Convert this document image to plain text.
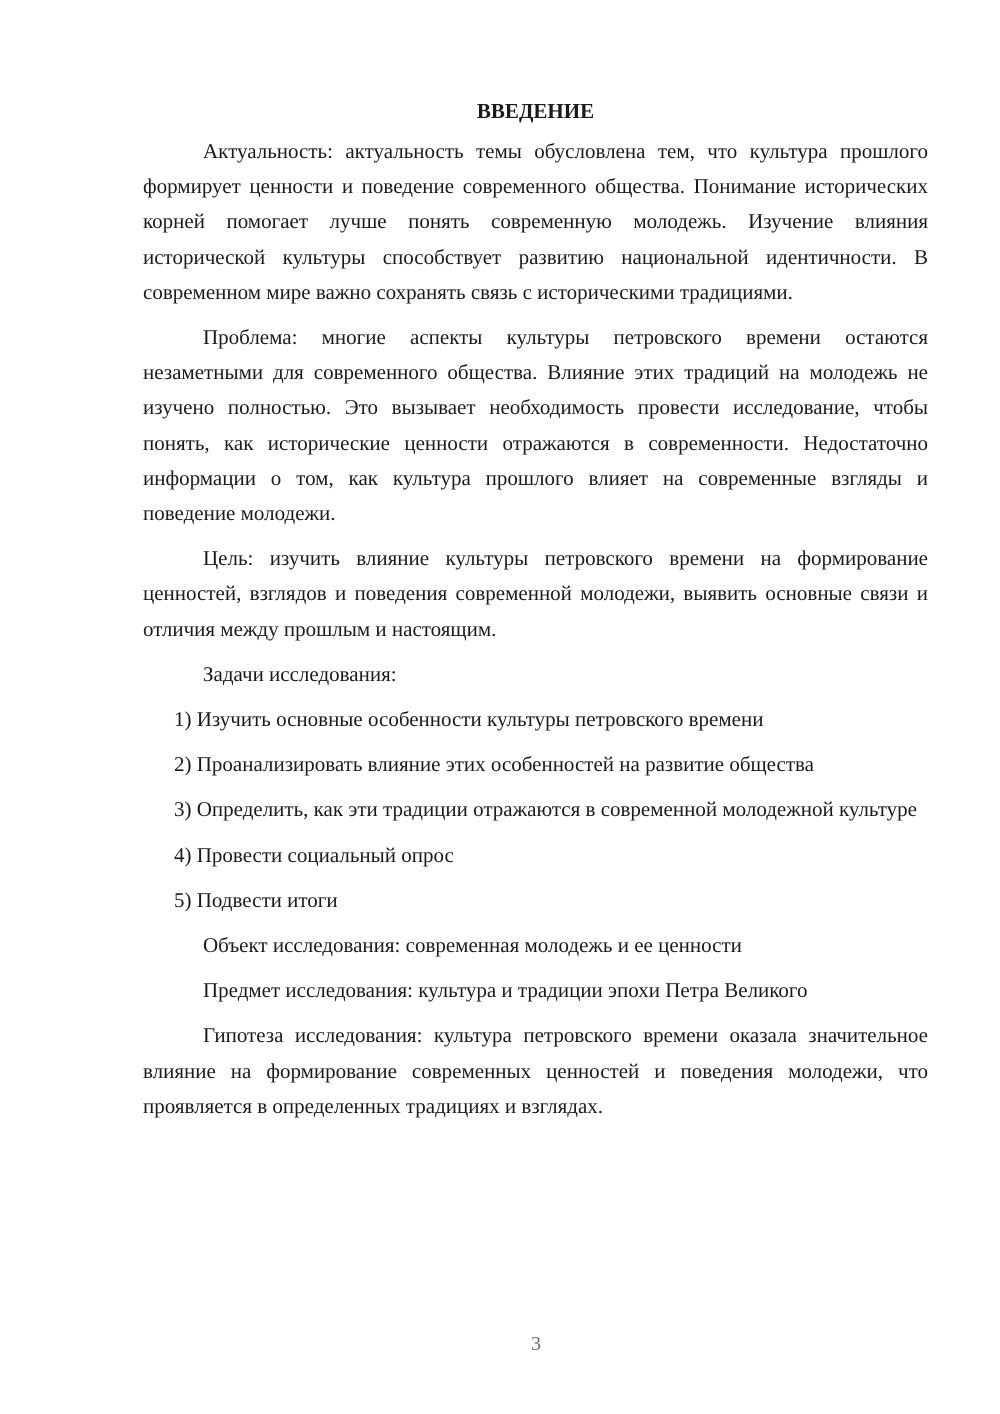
ВВЕДЕНИЕ

Актуальность: актуальность темы обусловлена тем, что культура прошлого формирует ценности и поведение современного общества. Понимание исторических корней помогает лучше понять современную молодежь. Изучение влияния исторической культуры способствует развитию национальной идентичности. В современном мире важно сохранять связь с историческими традициями.

Проблема: многие аспекты культуры петровского времени остаются незаметными для современного общества. Влияние этих традиций на молодежь не изучено полностью. Это вызывает необходимость провести исследование, чтобы понять, как исторические ценности отражаются в современности. Недостаточно информации о том, как культура прошлого влияет на современные взгляды и поведение молодежи.

Цель: изучить влияние культуры петровского времени на формирование ценностей, взглядов и поведения современной молодежи, выявить основные связи и отличия между прошлым и настоящим.

Задачи исследования:

1) Изучить основные особенности культуры петровского времени

2) Проанализировать влияние этих особенностей на развитие общества

3) Определить, как эти традиции отражаются в современной молодежной культуре

4) Провести социальный опрос

5) Подвести итоги

Объект исследования: современная молодежь и ее ценности

Предмет исследования: культура и традиции эпохи Петра Великого

Гипотеза исследования: культура петровского времени оказала значительное влияние на формирование современных ценностей и поведения молодежи, что проявляется в определенных традициях и взглядах.

3
